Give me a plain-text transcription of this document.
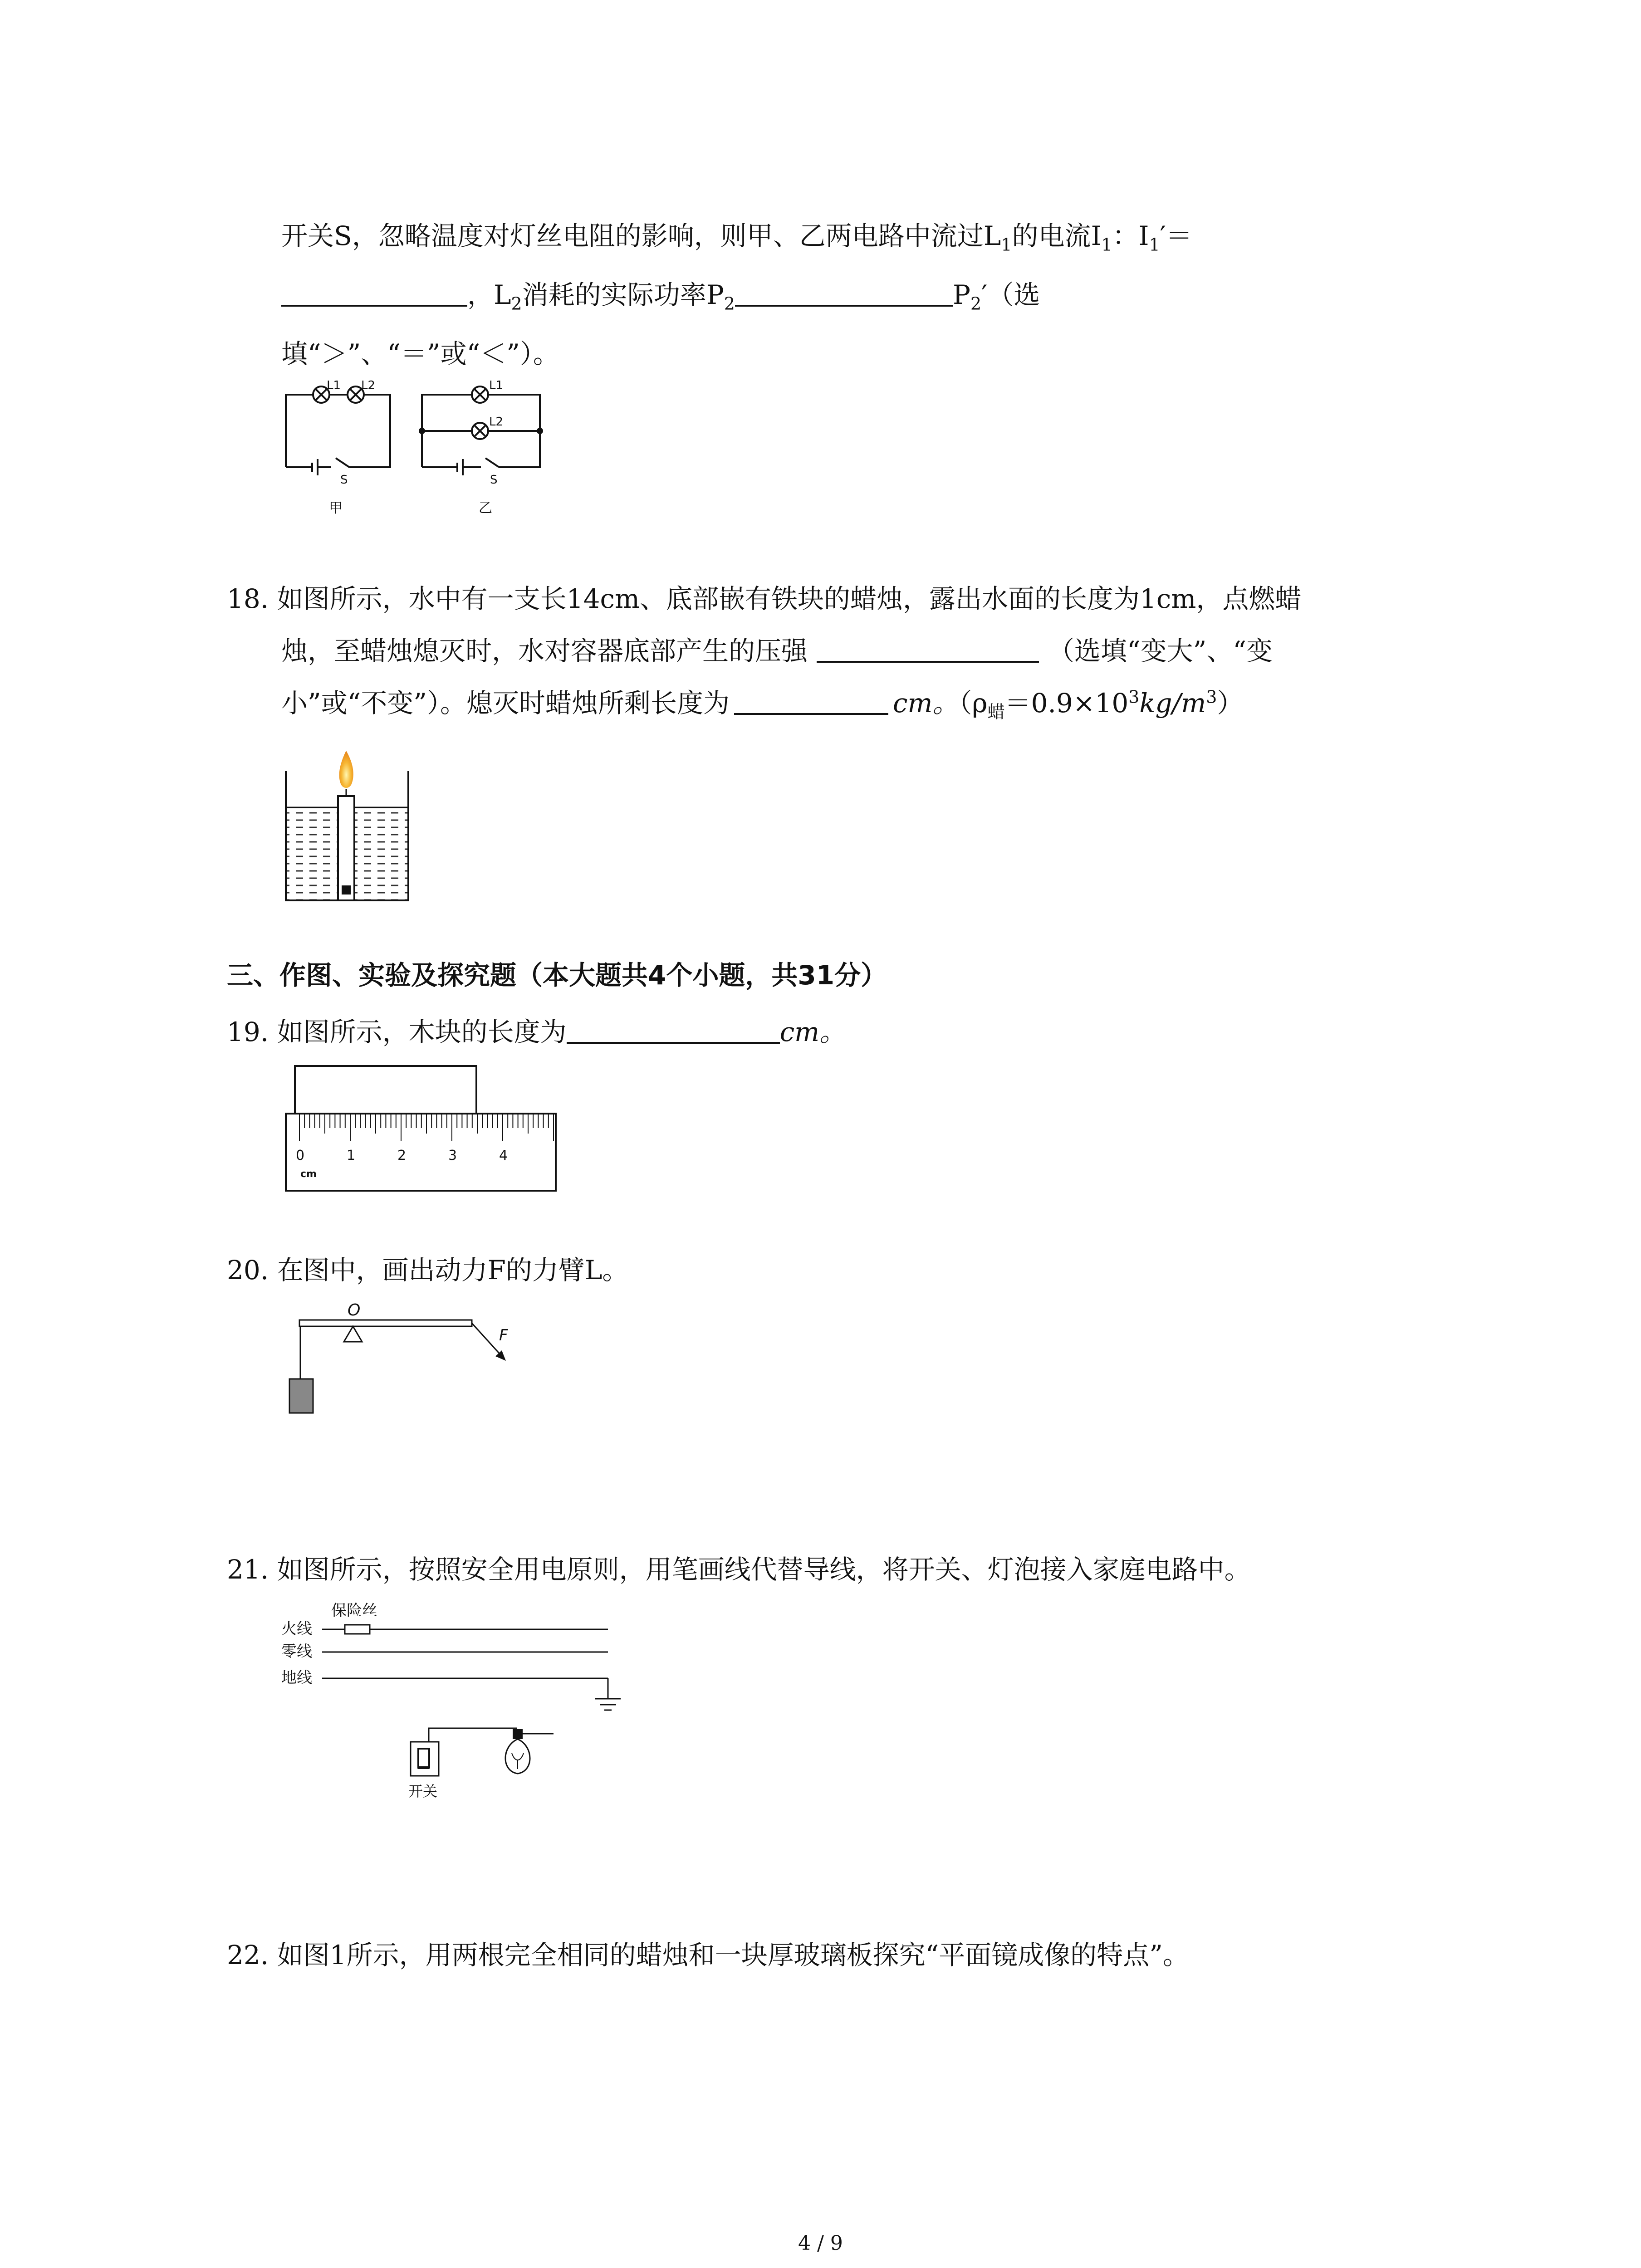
开关S，忽略温度对灯丝电阻的影响，则甲、乙两电路中流过$L_1$的电流$I_1$：$I_1'=$
，$L_2$消耗的实际功率$P_2$	$P_2'$（选
填“＞”、“＝”或“＜”）。
L1 L2
S
甲
L1
L2
S
乙
18. 如图所示，水中有一支长14cm、底部嵌有铁块的蜡烛，露出水面的长度为1cm，点燃蜡
烛，至蜡烛熄灭时，水对容器底部产生的压强	（选填“变大”、“变
小”或“不变”）。熄灭时蜡烛所剩长度为	cm。$(\rho_蜡=0.9\times 10^3kg/m^3)$
三、作图、实验及探究题（本大题共4个小题，共31分）
19. 如图所示，木块的长度为	cm。
0	1	2	3	4
cm
20. 在图中，画出动力F的力臂L。
O
F
21. 如图所示，按照安全用电原则，用笔画线代替导线，将开关、灯泡接入家庭电路中。
保险丝
火线
零线
地线
开关
22. 如图1所示，用两根完全相同的蜡烛和一块厚玻璃板探究“平面镜成像的特点”。
4 / 9
